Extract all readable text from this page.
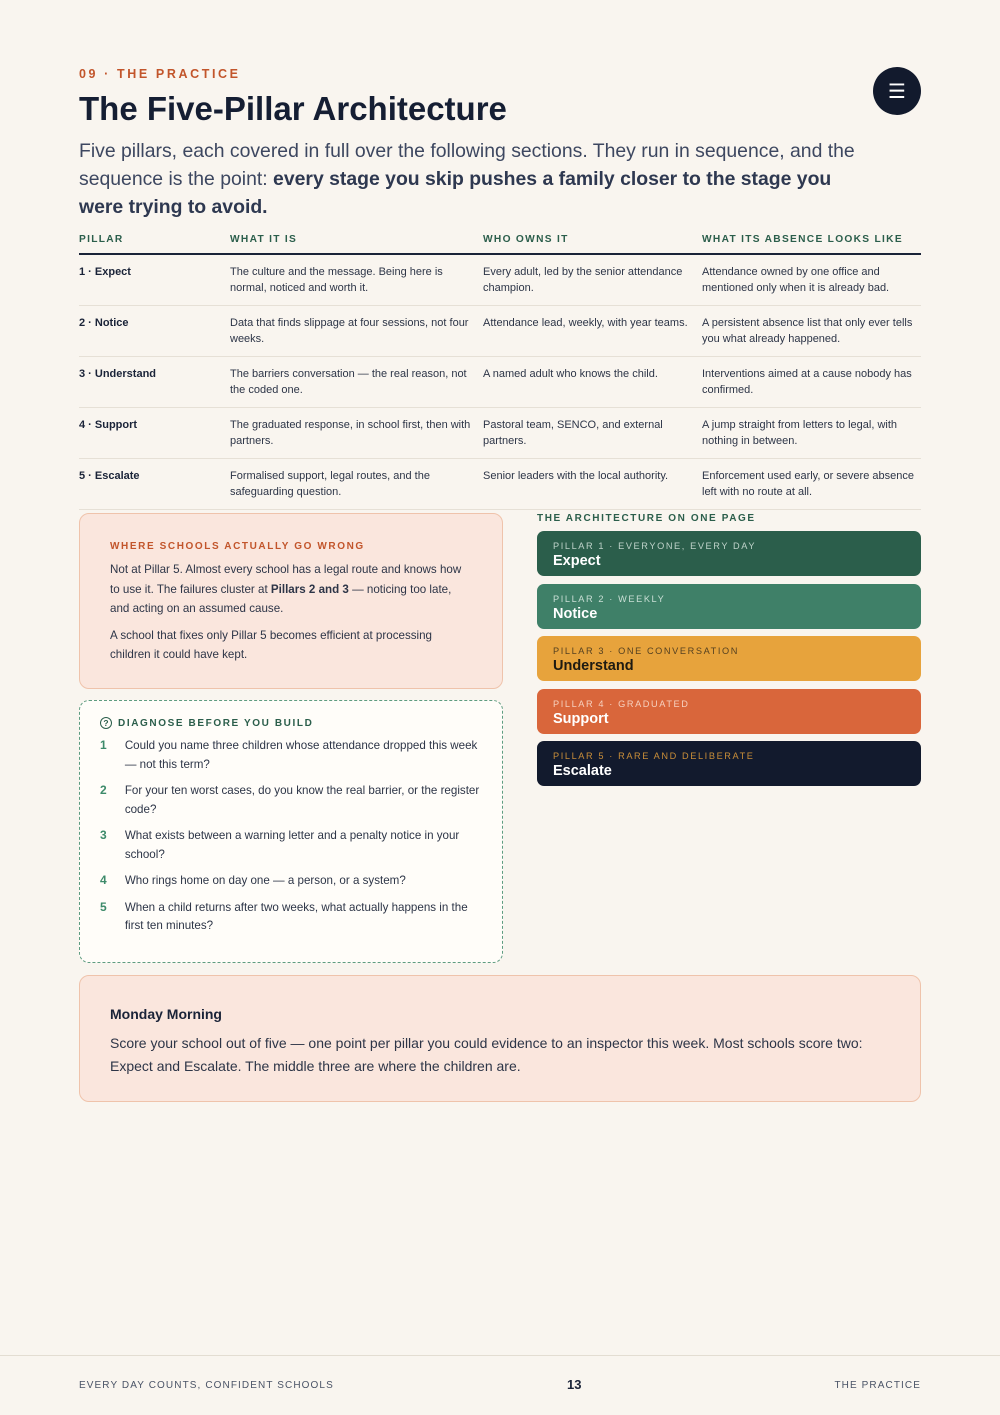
09 · THE PRACTICE
☰
The Five-Pillar Architecture

Five pillars, each covered in full over the following sections. They run in sequence, and the sequence is the point: every stage you skip pushes a family closer to the stage you were trying to avoid.

PILLAR	WHAT IT IS	WHO OWNS IT	WHAT ITS ABSENCE LOOKS LIKE
1 · Expect	The culture and the message. Being here is normal, noticed and worth it.	Every adult, led by the senior attendance champion.	Attendance owned by one office and mentioned only when it is already bad.
2 · Notice	Data that finds slippage at four sessions, not four weeks.	Attendance lead, weekly, with year teams.	A persistent absence list that only ever tells you what already happened.
3 · Understand	The barriers conversation — the real reason, not the coded one.	A named adult who knows the child.	Interventions aimed at a cause nobody has confirmed.
4 · Support	The graduated response, in school first, then with partners.	Pastoral team, SENCO, and external partners.	A jump straight from letters to legal, with nothing in between.
5 · Escalate	Formalised support, legal routes, and the safeguarding question.	Senior leaders with the local authority.	Enforcement used early, or severe absence left with no route at all.
WHERE SCHOOLS ACTUALLY GO WRONG

Not at Pillar 5. Almost every school has a legal route and knows how to use it. The failures cluster at Pillars 2 and 3 — noticing too late, and acting on an assumed cause.

A school that fixes only Pillar 5 becomes efficient at processing children it could have kept.

? DIAGNOSE BEFORE YOU BUILD
1	Could you name three children whose attendance dropped this week — not this term?
2	For your ten worst cases, do you know the real barrier, or the register code?
3	What exists between a warning letter and a penalty notice in your school?
4	Who rings home on day one — a person, or a system?
5	When a child returns after two weeks, what actually happens in the first ten minutes?
THE ARCHITECTURE ON ONE PAGE
PILLAR 1 · EVERYONE, EVERY DAY
Expect
PILLAR 2 · WEEKLY
Notice
PILLAR 3 · ONE CONVERSATION
Understand
PILLAR 4 · GRADUATED
Support
PILLAR 5 · RARE AND DELIBERATE
Escalate
Monday Morning

Score your school out of five — one point per pillar you could evidence to an inspector this week. Most schools score two: Expect and Escalate. The middle three are where the children are.

EVERY DAY COUNTS, CONFIDENT SCHOOLS	13	THE PRACTICE
